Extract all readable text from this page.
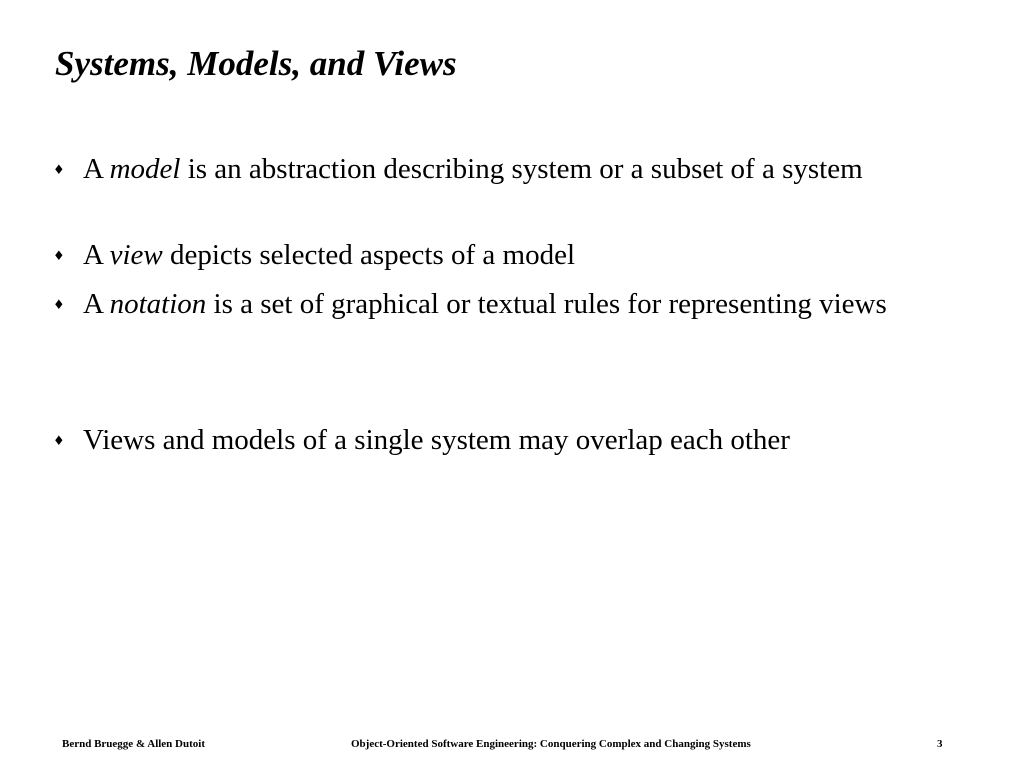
Systems, Models, and Views
♦ A model is an abstraction describing system or a subset of a system
♦ A view depicts selected aspects of a model
♦ A notation is a set of graphical or textual rules for representing views
♦ Views and models of a single system may overlap each other
Bernd Bruegge & Allen Dutoit	Object-Oriented Software Engineering: Conquering Complex and Changing Systems	3
